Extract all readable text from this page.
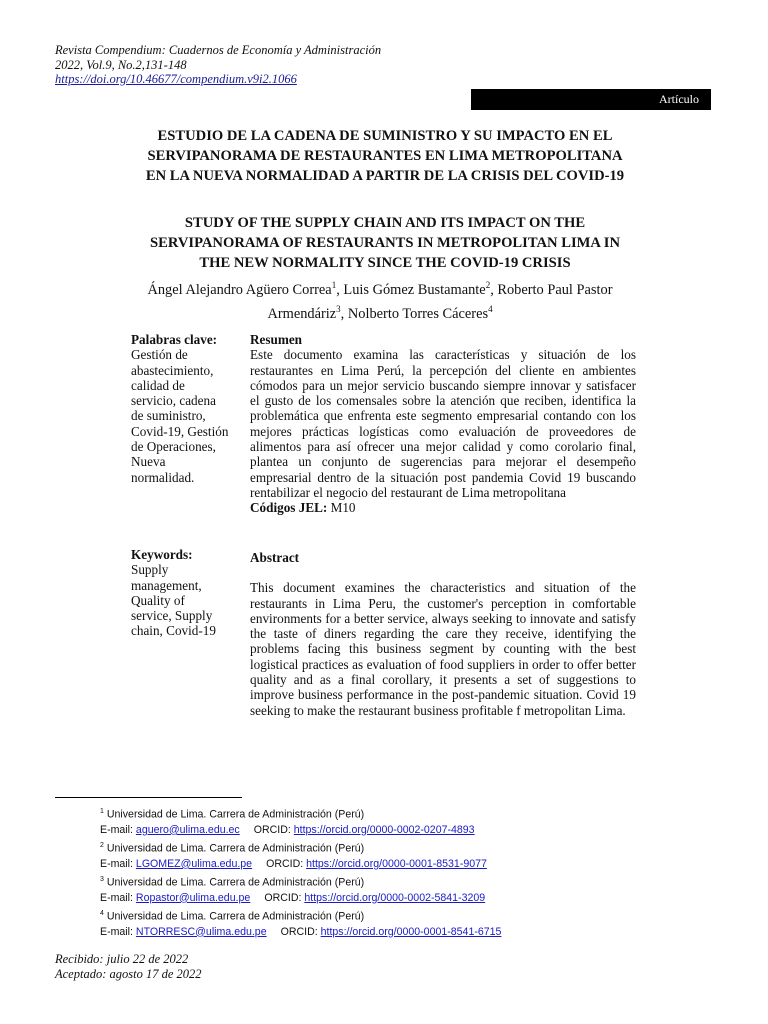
Revista Compendium: Cuadernos de Economía y Administración
2022, Vol.9, No.2,131-148
https://doi.org/10.46677/compendium.v9i2.1066
Artículo
ESTUDIO DE LA CADENA DE SUMINISTRO Y SU IMPACTO EN EL
SERVIPANORAMA DE RESTAURANTES EN LIMA METROPOLITANA
EN LA NUEVA NORMALIDAD A PARTIR DE LA CRISIS DEL COVID-19
STUDY OF THE SUPPLY CHAIN AND ITS IMPACT ON THE
SERVIPANORAMA OF RESTAURANTS IN METROPOLITAN LIMA IN
THE NEW NORMALITY SINCE THE COVID-19 CRISIS
Ángel Alejandro Agüero Correa$^1$, Luis Gómez Bustamante$^2$, Roberto Paul Pastor Armendáriz$^3$, Nolberto Torres Cáceres$^4$
Palabras clave:
Gestión de
abastecimiento,
calidad de
servicio, cadena
de suministro,
Covid-19, Gestión
de Operaciones,
Nueva
normalidad.
Resumen
Este documento examina las características y situación de los restaurantes en Lima Perú, la percepción del cliente en ambientes cómodos para un mejor servicio buscando siempre innovar y satisfacer el gusto de los comensales sobre la atención que reciben, identifica la problemática que enfrenta este segmento empresarial contando con los mejores prácticas logísticas como evaluación de proveedores de alimentos para así ofrecer una mejor calidad y como corolario final, plantea un conjunto de sugerencias para mejorar el desempeño empresarial dentro de la situación post pandemia Covid 19 buscando rentabilizar el negocio del restaurant de Lima metropolitana
Códigos JEL: M10
Keywords:
Supply
management,
Quality of
service, Supply
chain, Covid-19
Abstract
This document examines the characteristics and situation of the restaurants in Lima Peru, the customer's perception in comfortable environments for a better service, always seeking to innovate and satisfy the taste of diners regarding the care they receive, identifying the problems facing this business segment by counting with the best logistical practices as evaluation of food suppliers in order to offer better quality and as a final corollary, it presents a set of suggestions to improve business performance in the post-pandemic situation. Covid 19 seeking to make the restaurant business profitable f metropolitan Lima.
$^1$ Universidad de Lima. Carrera de Administración (Perú)
E-mail: aguero@ulima.edu.ec ORCID: https://orcid.org/0000-0002-0207-4893
$^2$ Universidad de Lima. Carrera de Administración (Perú)
E-mail: LGOMEZ@ulima.edu.pe ORCID: https://orcid.org/0000-0001-8531-9077
$^3$ Universidad de Lima. Carrera de Administración (Perú)
E-mail: Ropastor@ulima.edu.pe ORCID: https://orcid.org/0000-0002-5841-3209
$^4$ Universidad de Lima. Carrera de Administración (Perú)
E-mail: NTORRESC@ulima.edu.pe ORCID: https://orcid.org/0000-0001-8541-6715
Recibido: julio 22 de 2022
Aceptado: agosto 17 de 2022
